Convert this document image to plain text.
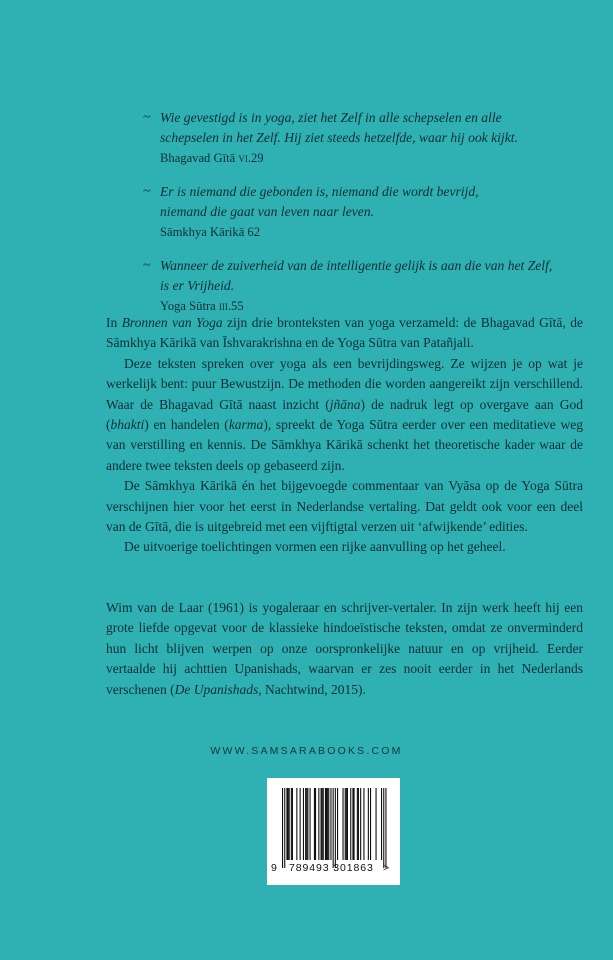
~ Wie gevestigd is in yoga, ziet het Zelf in alle schepselen en alle
schepselen in het Zelf. Hij ziet steeds hetzelfde, waar hij ook kijkt.
Bhagavad Gītā vi.29
~ Er is niemand die gebonden is, niemand die wordt bevrijd,
niemand die gaat van leven naar leven.
Sāmkhya Kārikā 62
~ Wanneer de zuiverheid van de intelligentie gelijk is aan die van het Zelf,
is er Vrijheid.
Yoga Sūtra iii.55

In Bronnen van Yoga zijn drie bronteksten van yoga verzameld: de Bhagavad Gītā, de Sāmkhya Kārikā van Īshvarakrishna en de Yoga Sūtra van Patañjali.

Deze teksten spreken over yoga als een bevrijdingsweg. Ze wijzen je op wat je werkelijk bent: puur Bewustzijn. De methoden die worden aangereikt zijn verschillend. Waar de Bhagavad Gītā naast inzicht (jñāna) de nadruk legt op overgave aan God (bhakti) en handelen (karma), spreekt de Yoga Sūtra eerder over een meditatieve weg van verstilling en kennis. De Sāmkhya Kārikā schenkt het theoretische kader waar de andere twee teksten deels op gebaseerd zijn.

De Sāmkhya Kārikā én het bijgevoegde commentaar van Vyāsa op de Yoga Sūtra verschijnen hier voor het eerst in Nederlandse vertaling. Dat geldt ook voor een deel van de Gītā, die is uitgebreid met een vijftigtal verzen uit ‘afwijkende’ edities.

De uitvoerige toelichtingen vormen een rijke aanvulling op het geheel.

Wim van de Laar (1961) is yogaleraar en schrijver-vertaler. In zijn werk heeft hij een grote liefde opgevat voor de klassieke hindoeïstische teksten, omdat ze onverminderd hun licht blijven werpen op onze oorspronkelijke natuur en op vrijheid. Eerder vertaalde hij achttien Upanishads, waarvan er zes nooit eerder in het Nederlands verschenen (De Upanishads, Nachtwind, 2015).

WWW.SAMSARABOOKS.COM
9 789493 301863 >
